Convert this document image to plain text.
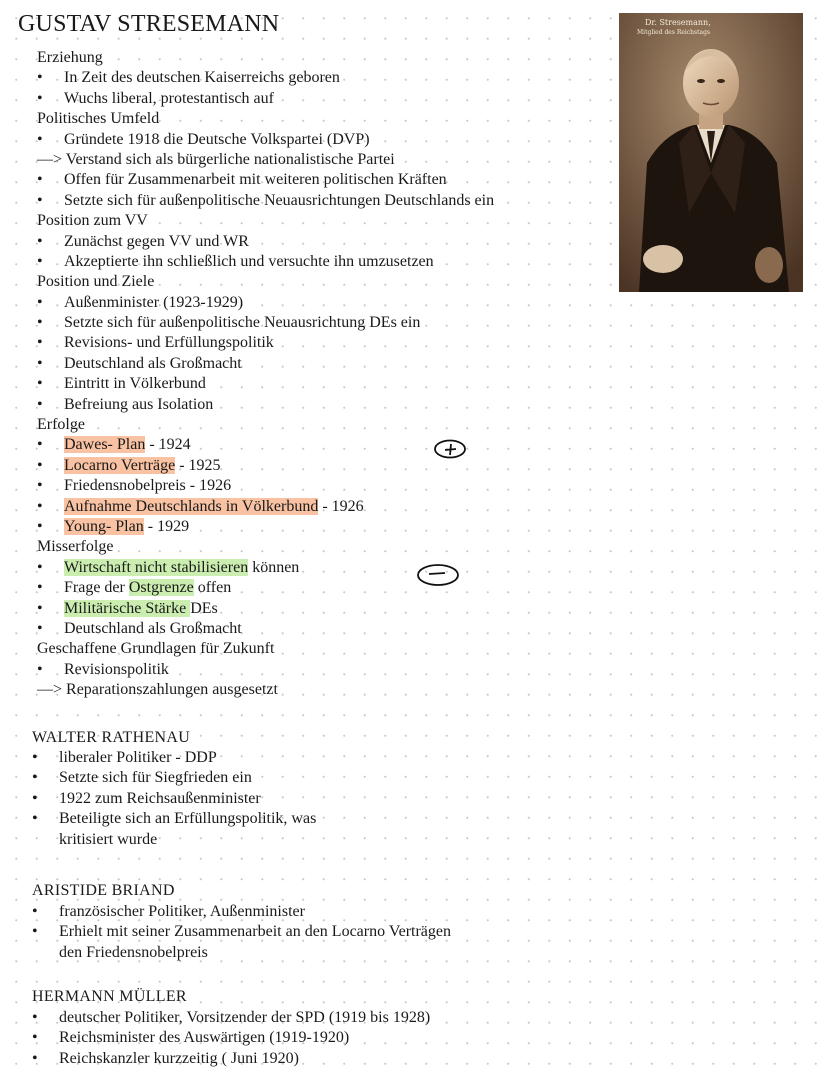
GUSTAV STRESEMANN
Erziehung
• In Zeit des deutschen Kaiserreichs geboren
• Wuchs liberal, protestantisch auf
Politisches Umfeld
• Gründete 1918 die Deutsche Volkspartei (DVP)
—> Verstand sich als bürgerliche nationalistische Partei
• Offen für Zusammenarbeit mit weiteren politischen Kräften
• Setzte sich für außenpolitische Neuausrichtungen Deutschlands ein
Position zum VV
• Zunächst gegen VV und WR
• Akzeptierte ihn schließlich und versuchte ihn umzusetzen
Position und Ziele
• Außenminister (1923-1929)
• Setzte sich für außenpolitische Neuausrichtung DEs ein
• Revisions- und Erfüllungspolitik
• Deutschland als Großmacht
• Eintritt in Völkerbund
• Befreiung aus Isolation
Erfolge
• Dawes- Plan - 1924
• Locarno Verträge - 1925
• Friedensnobelpreis - 1926
• Aufnahme Deutschlands in Völkerbund - 1926
• Young- Plan - 1929
Misserfolge
• Wirtschaft nicht stabilisieren können
• Frage der Ostgrenze offen
• Militärische Stärke DEs
• Deutschland als Großmacht
Geschaffene Grundlagen für Zukunft
• Revisionspolitik
—> Reparationszahlungen ausgesetzt
Dr. Stresemann,
Mitglied des Reichstags
WALTER RATHENAU
• liberaler Politiker - DDP
• Setzte sich für Siegfrieden ein
• 1922 zum Reichsaußenminister
• Beteiligte sich an Erfüllungspolitik, was
kritisiert wurde
ARISTIDE BRIAND
• französischer Politiker, Außenminister
• Erhielt mit seiner Zusammenarbeit an den Locarno Verträgen
den Friedensnobelpreis
HERMANN MÜLLER
• deutscher Politiker, Vorsitzender der SPD (1919 bis 1928)
• Reichsminister des Auswärtigen (1919-1920)
• Reichskanzler kurzzeitig ( Juni 1920)
